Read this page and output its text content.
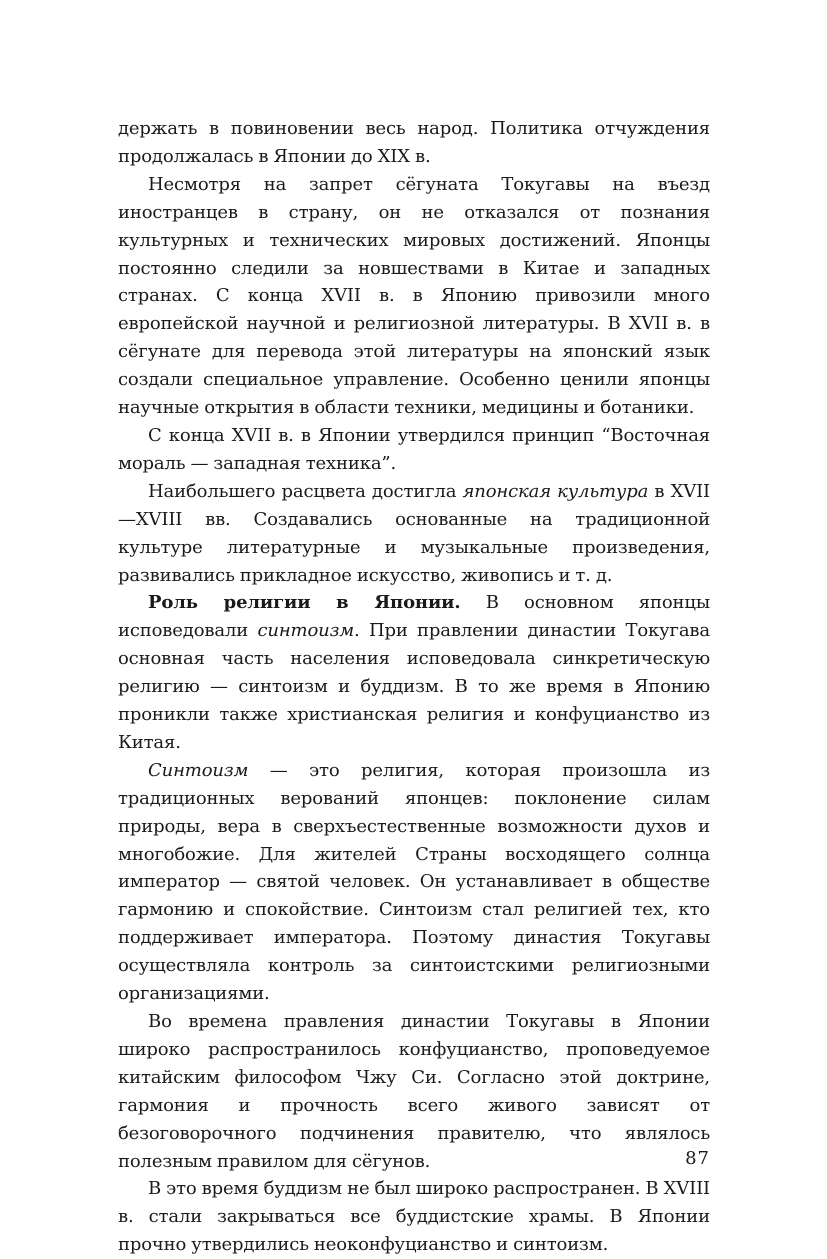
держать в повиновении весь народ. Политика отчуждения продолжалась в Японии до XIX в.

Несмотря на запрет сёгуната Токугавы на въезд иностранцев в страну, он не отказался от познания культурных и технических мировых достижений. Японцы постоянно следили за новшествами в Китае и западных странах. С конца XVII в. в Японию привозили много европейской научной и религиозной литературы. В XVII в. в сёгунате для перевода этой литературы на японский язык создали специальное управление. Особенно ценили японцы научные открытия в области техники, медицины и ботаники.

С конца XVII в. в Японии утвердился принцип “Восточная мораль — западная техника”.

Наибольшего расцвета достигла японская культура в XVII—XVIII вв. Создавались основанные на традиционной культуре литературные и музыкальные произведения, развивались прикладное искусство, живопись и т. д.

Роль религии в Японии. В основном японцы исповедовали синтоизм. При правлении династии Токугава основная часть населения исповедовала синкретическую религию — синтоизм и буддизм. В то же время в Японию проникли также христианская религия и конфуцианство из Китая.

Синтоизм — это религия, которая произошла из традиционных верований японцев: поклонение силам природы, вера в сверхъестественные возможности духов и многобожие. Для жителей Страны восходящего солнца император — святой человек. Он устанавливает в обществе гармонию и спокойствие. Синтоизм стал религией тех, кто поддерживает императора. Поэтому династия Токугавы осуществляла контроль за синтоистскими религиозными организациями.

Во времена правления династии Токугавы в Японии широко распространилось конфуцианство, проповедуемое китайским философом Чжу Си. Согласно этой доктрине, гармония и прочность всего живого зависят от безоговорочного подчинения правителю, что являлось полезным правилом для сёгунов.

В это время буддизм не был широко распространен. В XVIII в. стали закрываться все буддистские храмы. В Японии прочно утвердились неоконфуцианство и синтоизм.

87
